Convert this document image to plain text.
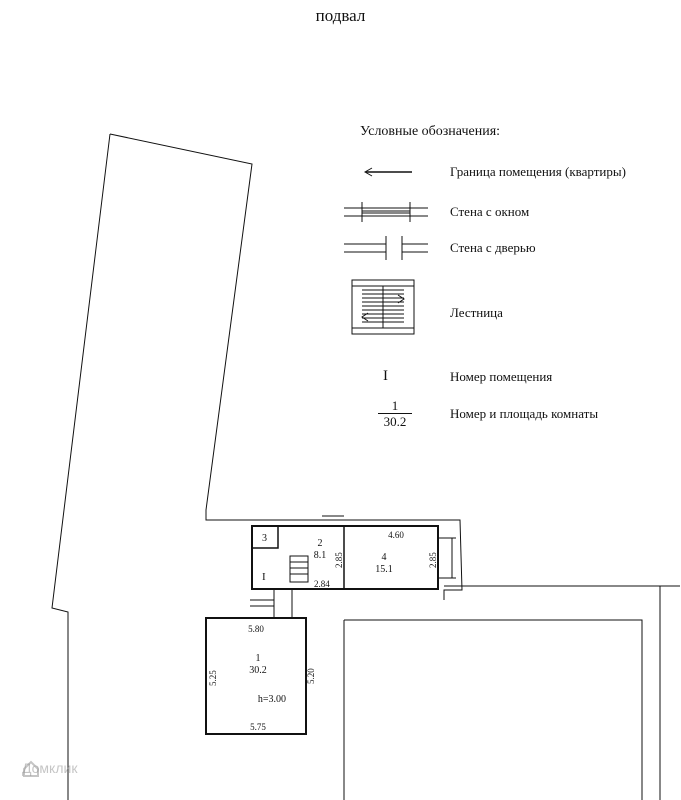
подвал
Условные обозначения:
Граница помещения (квартиры)
Стена с окном
Стена с дверью
Лестница
Номер помещения
Номер и площадь комнаты
I
$\frac{1}{30.2}$
3	2
8.1	4
15.1
4.60
2.85
2.85
2.84
I
5.80
1
30.2
h=3.00
5.75
5.25	5.20
Домклик
